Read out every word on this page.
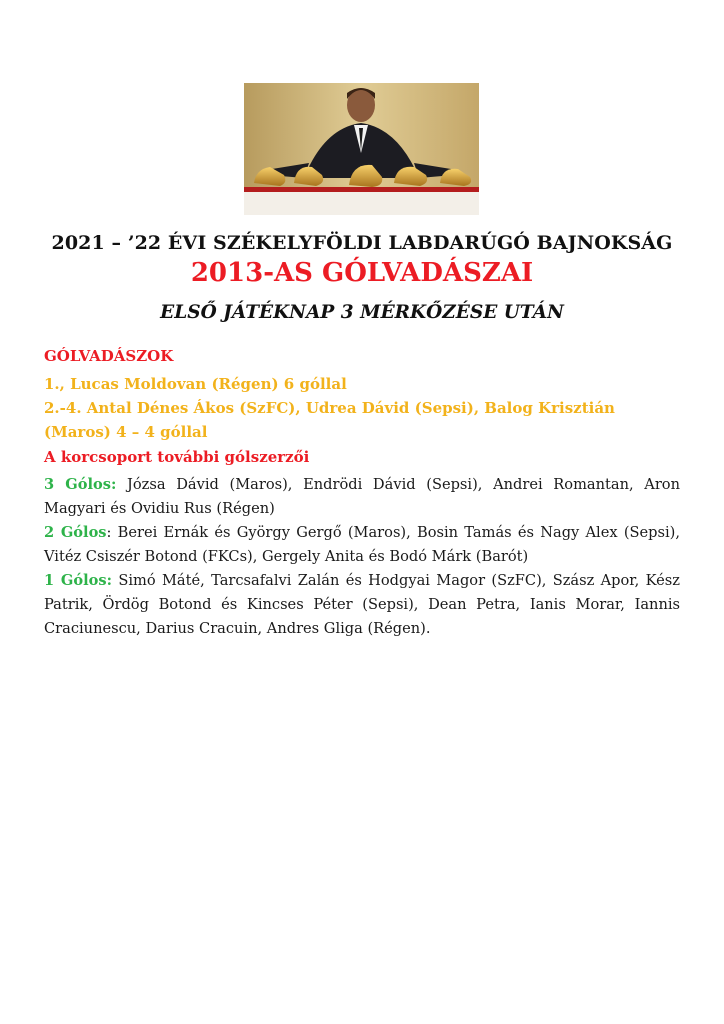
2021 – ’22 ÉVI SZÉKELYFÖLDI LABDARÚGÓ BAJNOKSÁG
2013-AS GÓLVADÁSZAI
ELSŐ JÁTÉKNAP 3 MÉRKŐZÉSE UTÁN

GÓLVADÁSZOK

1., Lucas Moldovan (Régen) 6 góllal

2.-4. Antal Dénes Ákos (SzFC), Udrea Dávid (Sepsi), Balog Krisztián (Maros) 4 – 4 góllal

A korcsoport további gólszerzői

3 Gólos: Józsa Dávid (Maros), Endrödi Dávid (Sepsi), Andrei Romantan, Aron Magyari és Ovidiu Rus (Régen)

2 Gólos: Berei Ernák és György Gergő (Maros), Bosin Tamás és Nagy Alex (Sepsi), Vitéz Csiszér Botond (FKCs), Gergely Anita és Bodó Márk (Barót)

1 Gólos: Simó Máté, Tarcsafalvi Zalán és Hodgyai Magor (SzFC), Szász Apor, Kész Patrik, Ördög Botond és Kincses Péter (Sepsi), Dean Petra, Ianis Morar, Iannis Craciunescu, Darius Cracuin, Andres Gliga (Régen).
